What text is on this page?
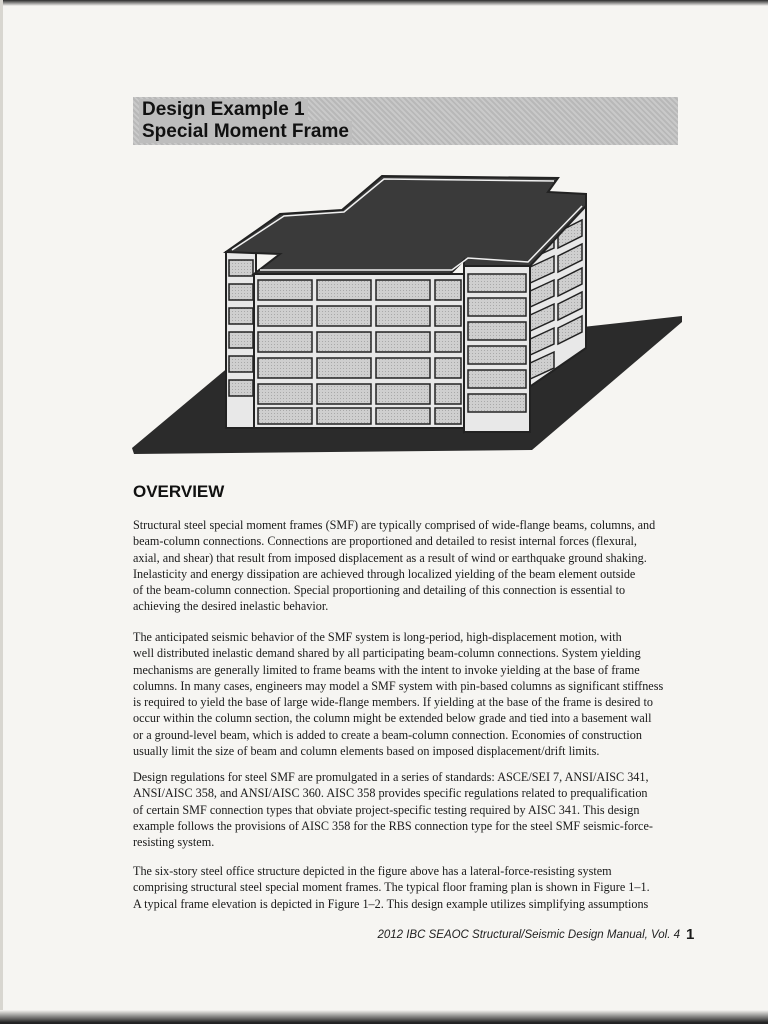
Design Example 1
Special Moment Frame
OVERVIEW

Structural steel special moment frames (SMF) are typically comprised of wide-flange beams, columns, and
beam-column connections. Connections are proportioned and detailed to resist internal forces (flexural,
axial, and shear) that result from imposed displacement as a result of wind or earthquake ground shaking.
Inelasticity and energy dissipation are achieved through localized yielding of the beam element outside
of the beam-column connection. Special proportioning and detailing of this connection is essential to
achieving the desired inelastic behavior.

The anticipated seismic behavior of the SMF system is long-period, high-displacement motion, with
well distributed inelastic demand shared by all participating beam-column connections. System yielding
mechanisms are generally limited to frame beams with the intent to invoke yielding at the base of frame
columns. In many cases, engineers may model a SMF system with pin-based columns as significant stiffness
is required to yield the base of large wide-flange members. If yielding at the base of the frame is desired to
occur within the column section, the column might be extended below grade and tied into a basement wall
or a ground-level beam, which is added to create a beam-column connection. Economies of construction
usually limit the size of beam and column elements based on imposed displacement/drift limits.

Design regulations for steel SMF are promulgated in a series of standards: ASCE/SEI 7, ANSI/AISC 341,
ANSI/AISC 358, and ANSI/AISC 360. AISC 358 provides specific regulations related to prequalification
of certain SMF connection types that obviate project-specific testing required by AISC 341. This design
example follows the provisions of AISC 358 for the RBS connection type for the steel SMF seismic-force-
resisting system.

The six-story steel office structure depicted in the figure above has a lateral-force-resisting system
comprising structural steel special moment frames. The typical floor framing plan is shown in Figure 1–1.
A typical frame elevation is depicted in Figure 1–2. This design example utilizes simplifying assumptions

2012 IBC SEAOC Structural/Seismic Design Manual, Vol. 4 1
